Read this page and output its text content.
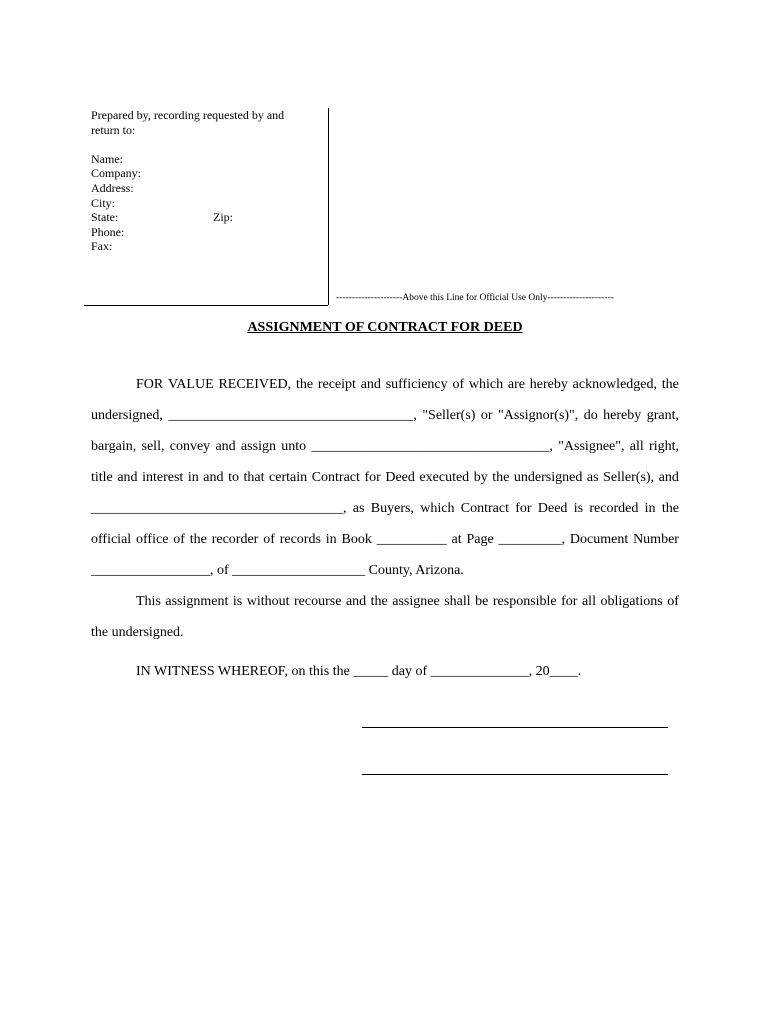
Prepared by, recording requested by and
return to:
Name:
Company:
Address:
City:
State:	Zip:
Phone:
Fax:
---------------------Above this Line for Official Use Only---------------------
ASSIGNMENT OF CONTRACT FOR DEED
FOR VALUE RECEIVED, the receipt and sufficiency of which are hereby acknowledged, the
undersigned, ___________________________________, "Seller(s) or "Assignor(s)", do hereby grant,
bargain, sell, convey and assign unto __________________________________, "Assignee", all right,
title and interest in and to that certain Contract for Deed executed by the undersigned as Seller(s), and
____________________________________, as Buyers, which Contract for Deed is recorded in the
official office of the recorder of records in Book __________ at Page _________, Document Number
_________________, of ___________________ County, Arizona.
This assignment is without recourse and the assignee shall be responsible for all obligations of
the undersigned.
IN WITNESS WHEREOF, on this the _____ day of ______________, 20____.
